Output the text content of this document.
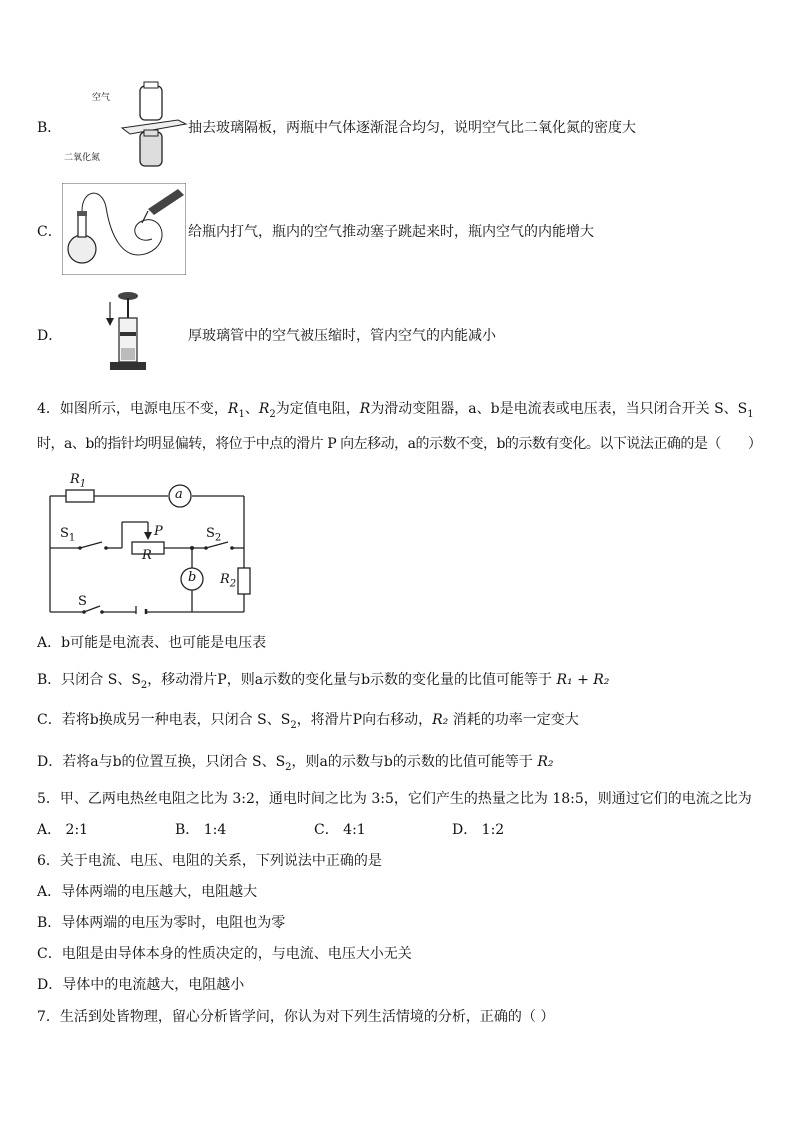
B．
空气
二氧化氮
抽去玻璃隔板，两瓶中气体逐渐混合均匀，说明空气比二氧化氮的密度大
C．	给瓶内打气，瓶内的空气推动塞子跳起来时，瓶内空气的内能增大
D．	厚玻璃管中的空气被压缩时，管内空气的内能减小
4．如图所示，电源电压不变，$R_1$、$R_2$为定值电阻，R为滑动变阻器，a、b是电流表或电压表，当只闭合开关 S、$S_1$
时，a、b的指针均明显偏转，将位于中点的滑片 P 向左移动，a的示数不变，b的示数有变化。以下说法正确的是（　　）
$R_1$
a
$S_1$	P
R
$S_2$
b $R_2$
S
A．b可能是电流表、也可能是电压表
B．只闭合 S、$S_2$，移动滑片P，则a示数的变化量与b示数的变化量的比值可能等于 R₁ + R₂
C．若将b换成另一种电表，只闭合 S、$S_2$，将滑片P向右移动，R₂ 消耗的功率一定变大
D．若将a与b的位置互换，只闭合 S、$S_2$，则a的示数与b的示数的比值可能等于 R₂
5．甲、乙两电热丝电阻之比为 3:2，通电时间之比为 3:5，它们产生的热量之比为 18:5，则通过它们的电流之比为
A． 2:1	B． 1:4	C． 4:1	D． 1:2
6．关于电流、电压、电阻的关系，下列说法中正确的是
A．导体两端的电压越大，电阻越大
B．导体两端的电压为零时，电阻也为零
C．电阻是由导体本身的性质决定的，与电流、电压大小无关
D．导体中的电流越大，电阻越小
7．生活到处皆物理，留心分析皆学问，你认为对下列生活情境的分析，正确的（ ）
